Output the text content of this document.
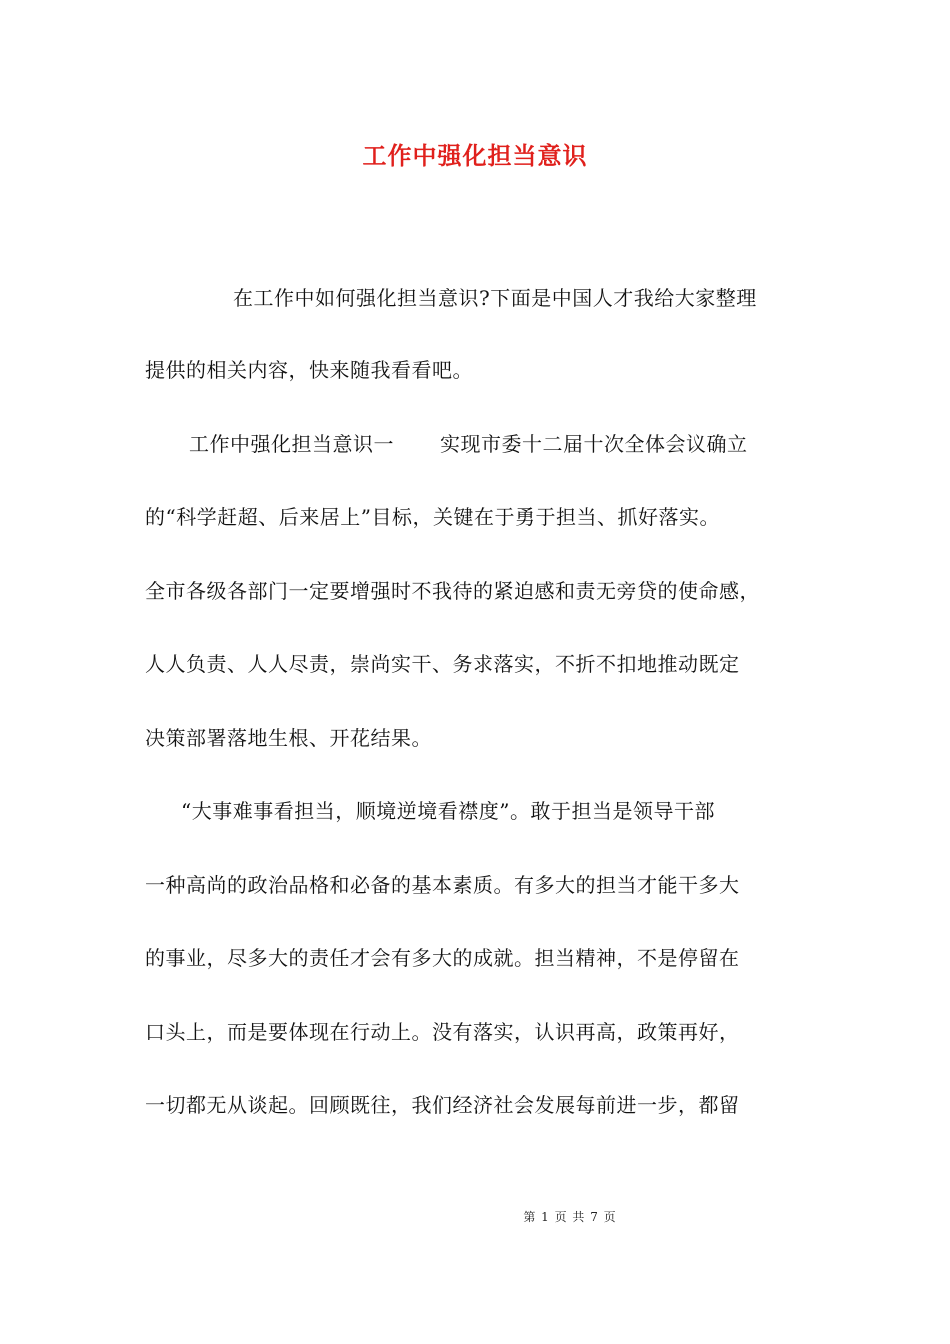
工作中强化担当意识

在工作中如何强化担当意识?下面是中国人才我给大家整理

提供的相关内容，快来随我看看吧。

工作中强化担当意识一 实现市委十二届十次全体会议确立

的“科学赶超、后来居上”目标，关键在于勇于担当、抓好落实。

全市各级各部门一定要增强时不我待的紧迫感和责无旁贷的使命感，

人人负责、人人尽责，崇尚实干、务求落实，不折不扣地推动既定

决策部署落地生根、开花结果。

“大事难事看担当，顺境逆境看襟度”。敢于担当是领导干部

一种高尚的政治品格和必备的基本素质。有多大的担当才能干多大

的事业，尽多大的责任才会有多大的成就。担当精神，不是停留在

口头上，而是要体现在行动上。没有落实，认识再高，政策再好，

一切都无从谈起。回顾既往，我们经济社会发展每前进一步，都留

第 1 页 共 7 页
